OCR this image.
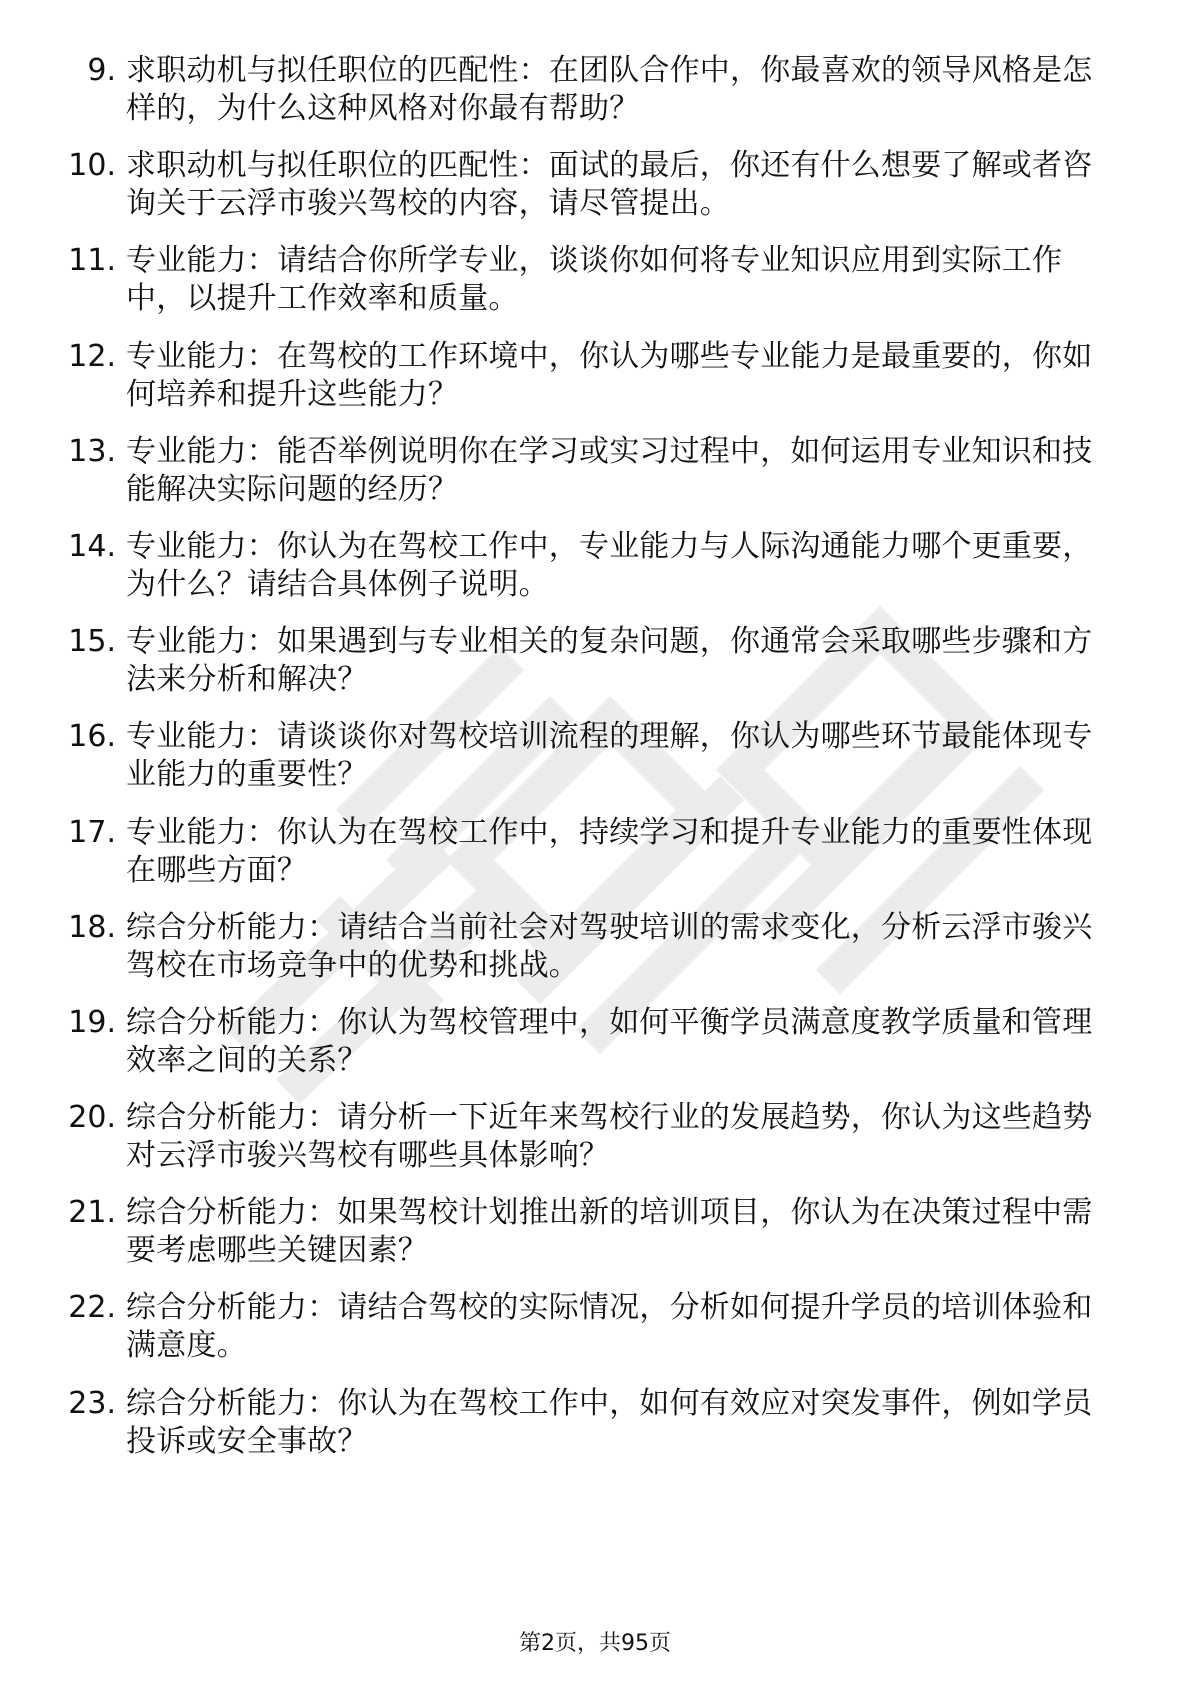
9. 求职动机与拟任职位的匹配性：在团队合作中，你最喜欢的领导风格是怎样的，为什么这种风格对你最有帮助？
10. 求职动机与拟任职位的匹配性：面试的最后，你还有什么想要了解或者咨询关于云浮市骏兴驾校的内容，请尽管提出。
11. 专业能力：请结合你所学专业，谈谈你如何将专业知识应用到实际工作中，以提升工作效率和质量。
12. 专业能力：在驾校的工作环境中，你认为哪些专业能力是最重要的，你如何培养和提升这些能力？
13. 专业能力：能否举例说明你在学习或实习过程中，如何运用专业知识和技能解决实际问题的经历？
14. 专业能力：你认为在驾校工作中，专业能力与人际沟通能力哪个更重要，为什么？请结合具体例子说明。
15. 专业能力：如果遇到与专业相关的复杂问题，你通常会采取哪些步骤和方法来分析和解决？
16. 专业能力：请谈谈你对驾校培训流程的理解，你认为哪些环节最能体现专业能力的重要性？
17. 专业能力：你认为在驾校工作中，持续学习和提升专业能力的重要性体现在哪些方面？
18. 综合分析能力：请结合当前社会对驾驶培训的需求变化，分析云浮市骏兴驾校在市场竞争中的优势和挑战。
19. 综合分析能力：你认为驾校管理中，如何平衡学员满意度教学质量和管理效率之间的关系？
20. 综合分析能力：请分析一下近年来驾校行业的发展趋势，你认为这些趋势对云浮市骏兴驾校有哪些具体影响？
21. 综合分析能力：如果驾校计划推出新的培训项目，你认为在决策过程中需要考虑哪些关键因素？
22. 综合分析能力：请结合驾校的实际情况，分析如何提升学员的培训体验和满意度。
23. 综合分析能力：你认为在驾校工作中，如何有效应对突发事件，例如学员投诉或安全事故？
第2页，共95页
